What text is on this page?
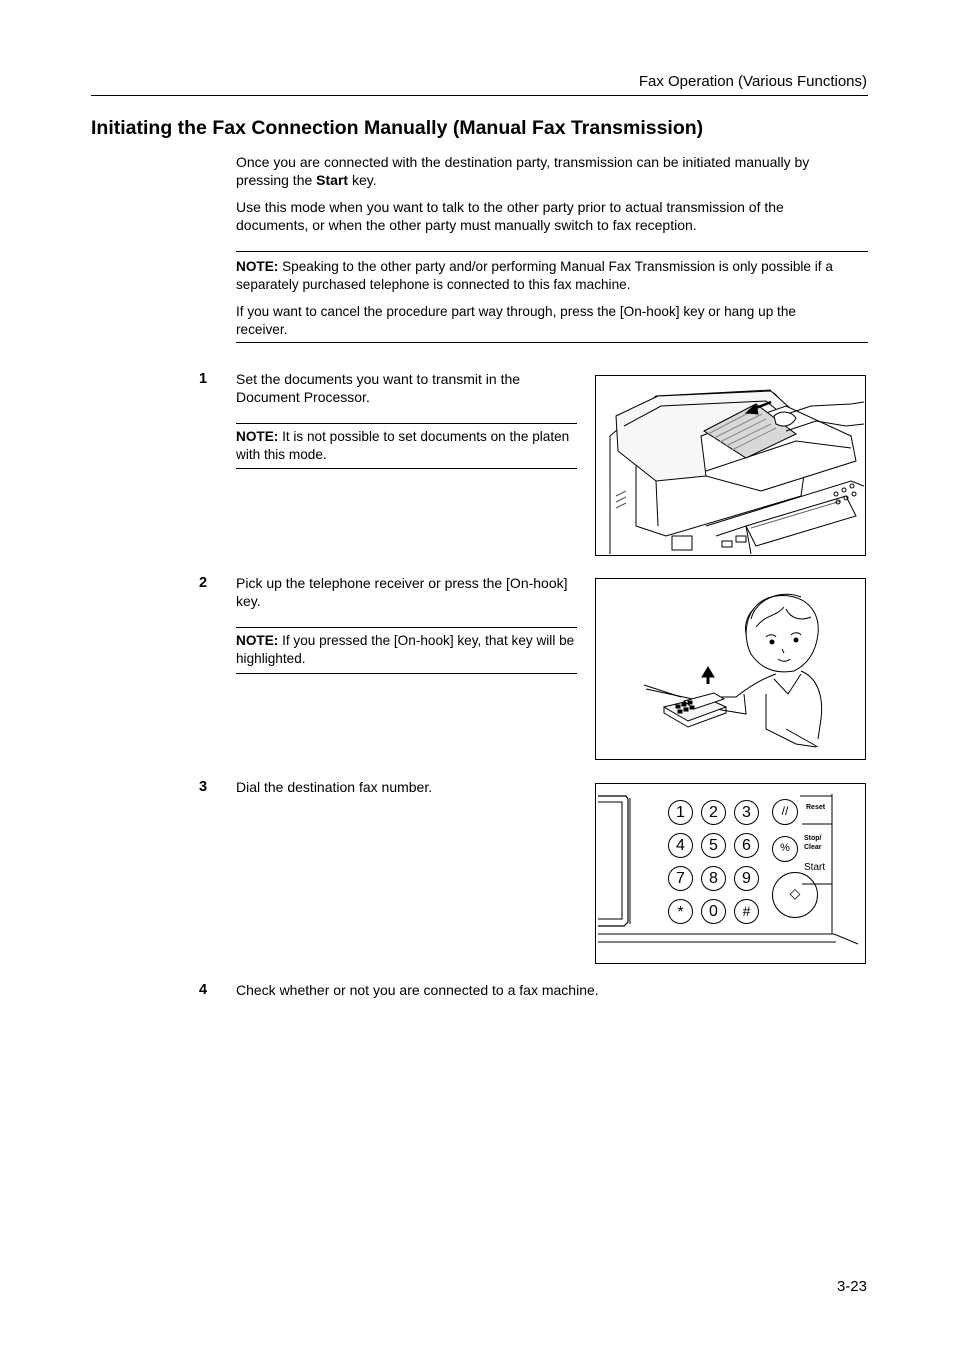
Fax Operation (Various Functions)
Initiating the Fax Connection Manually (Manual Fax Transmission)
Once you are connected with the destination party, transmission can be initiated manually by pressing the Start key.
Use this mode when you want to talk to the other party prior to actual transmission of the documents, or when the other party must manually switch to fax reception.
NOTE: Speaking to the other party and/or performing Manual Fax Transmission is only possible if a separately purchased telephone is connected to this fax machine.
If you want to cancel the procedure part way through, press the [On-hook] key or hang up the receiver.
1 Set the documents you want to transmit in the Document Processor.
NOTE: It is not possible to set documents on the platen with this mode.
2 Pick up the telephone receiver or press the [On-hook] key.
NOTE: If you pressed the [On-hook] key, that key will be highlighted.
3 Dial the destination fax number.
1	2	3
4	5	6
7	8	9
*	0	#
//	Reset
%
Stop/
Clear
Start
◇
4 Check whether or not you are connected to a fax machine.
3-23
